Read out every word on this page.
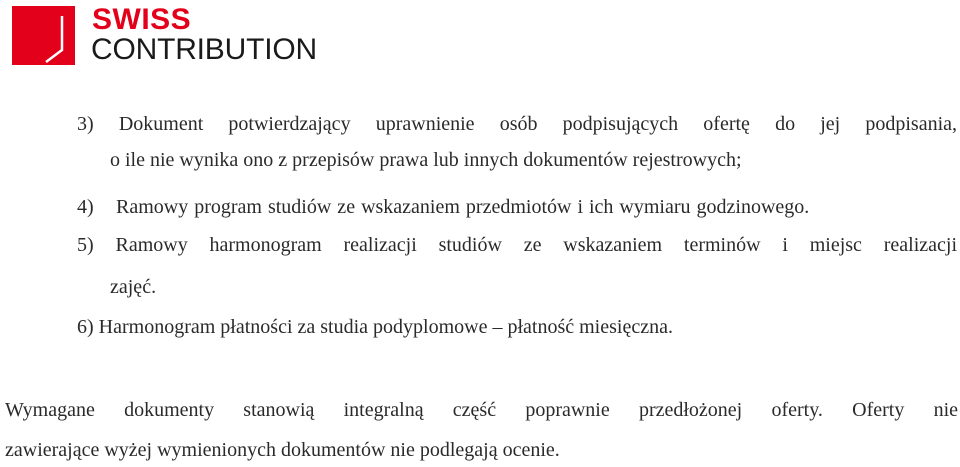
SWISS
CONTRIBUTION
3) Dokument potwierdzający uprawnienie osób podpisujących ofertę do jej podpisania,
o ile nie wynika ono z przepisów prawa lub innych dokumentów rejestrowych;
4) Ramowy program studiów ze wskazaniem przedmiotów i ich wymiaru godzinowego.
5) Ramowy harmonogram realizacji studiów ze wskazaniem terminów i miejsc realizacji
zajęć.
6) Harmonogram płatności za studia podyplomowe – płatność miesięczna.
Wymagane dokumenty stanowią integralną część poprawnie przedłożonej oferty. Oferty nie
zawierające wyżej wymienionych dokumentów nie podlegają ocenie.
